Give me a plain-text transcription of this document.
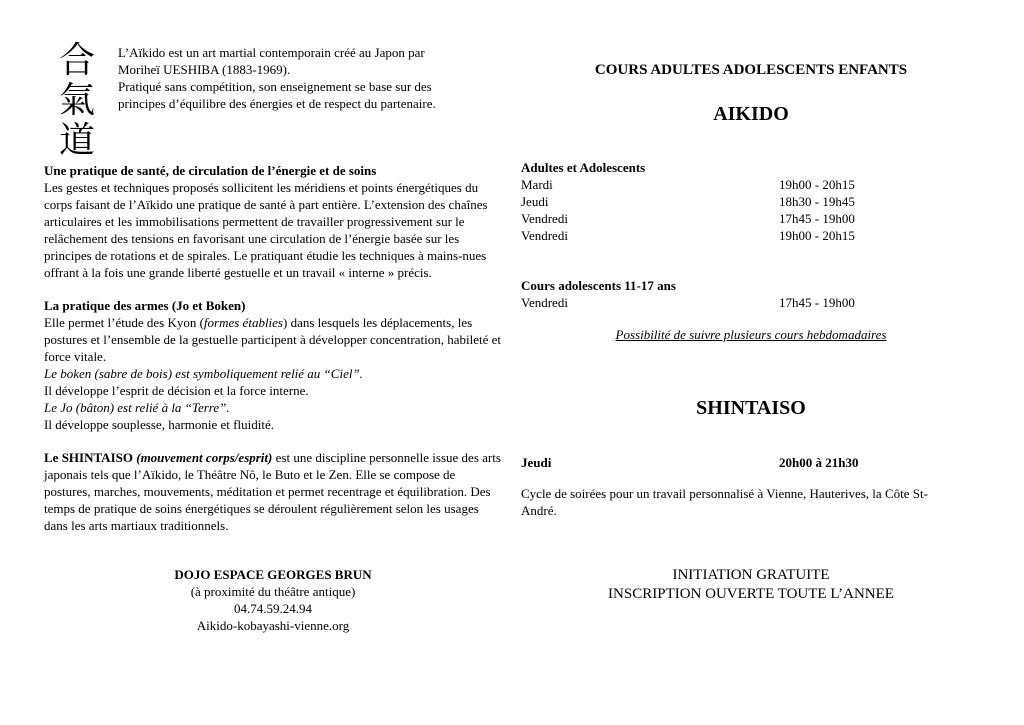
合
氣
道
L’Aïkido est un art martial contemporain créé au Japon par
Moriheï UESHIBA (1883-1969).
Pratiqué sans compétition, son enseignement se base sur des
principes d’équilibre des énergies et de respect du partenaire.

Une pratique de santé, de circulation de l’énergie et de soins
Les gestes et techniques proposés sollicitent les méridiens et points énergétiques du corps faisant de l’Aïkido une pratique de santé à part entière. L’extension des chaînes articulaires et les immobilisations permettent de travailler progressivement sur le relâchement des tensions en favorisant une circulation de l’énergie basée sur les principes de rotations et de spirales. Le pratiquant étudie les techniques à mains-nues offrant à la fois une grande liberté gestuelle et un travail « interne » précis.

La pratique des armes (Jo et Boken)
Elle permet l’étude des Kyon (formes établies) dans lesquels les déplacements, les postures et l’ensemble de la gestuelle participent à développer concentration, habileté et force vitale.
Le boken (sabre de bois) est symboliquement relié au “Ciel”.
Il développe l’esprit de décision et la force interne.
Le Jo (bâton) est relié à la “Terre”.
Il développe souplesse, harmonie et fluidité.

Le SHINTAISO (mouvement corps/esprit) est une discipline personnelle issue des arts japonais tels que l’Aïkido, le Théâtre Nô, le Buto et le Zen. Elle se compose de postures, marches, mouvements, méditation et permet recentrage et équilibration. Des temps de pratique de soins énergétiques se déroulent régulièrement selon les usages dans les arts martiaux traditionnels.

DOJO ESPACE GEORGES BRUN
(à proximité du théâtre antique)
04.74.59.24.94
Aikido-kobayashi-vienne.org
COURS ADULTES ADOLESCENTS ENFANTS
AIKIDO
Adultes et Adolescents
Mardi	19h00 - 20h15
Jeudi	18h30 - 19h45
Vendredi	17h45 - 19h00
Vendredi	19h00 - 20h15
Cours adolescents 11-17 ans
Vendredi	17h45 - 19h00
Possibilité de suivre plusieurs cours hebdomadaires
SHINTAISO
Jeudi	20h00 à 21h30
Cycle de soirées pour un travail personnalisé à Vienne, Hauterives, la Côte St-André.
INITIATION GRATUITE
INSCRIPTION OUVERTE TOUTE L’ANNEE
